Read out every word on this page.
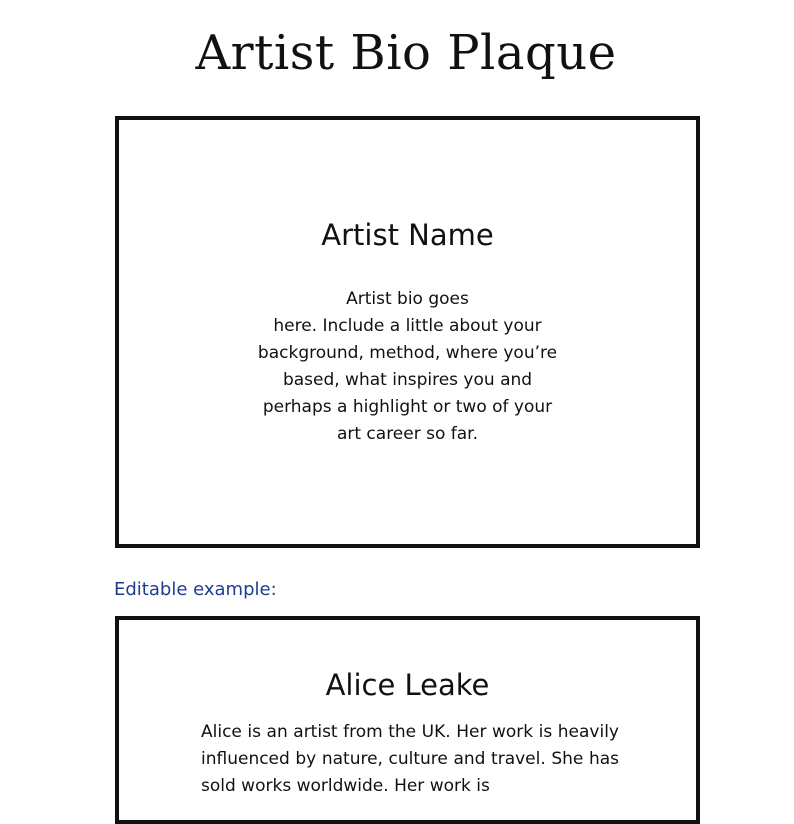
Artist Bio Plaque
Artist Name
Artist bio goes
here. Include a little about your
background, method, where you’re
based, what inspires you and
perhaps a highlight or two of your
art career so far.

Editable example:

Alice Leake

Alice is an artist from the UK. Her work is heavily influenced by nature, culture and travel. She has sold works worldwide. Her work is
